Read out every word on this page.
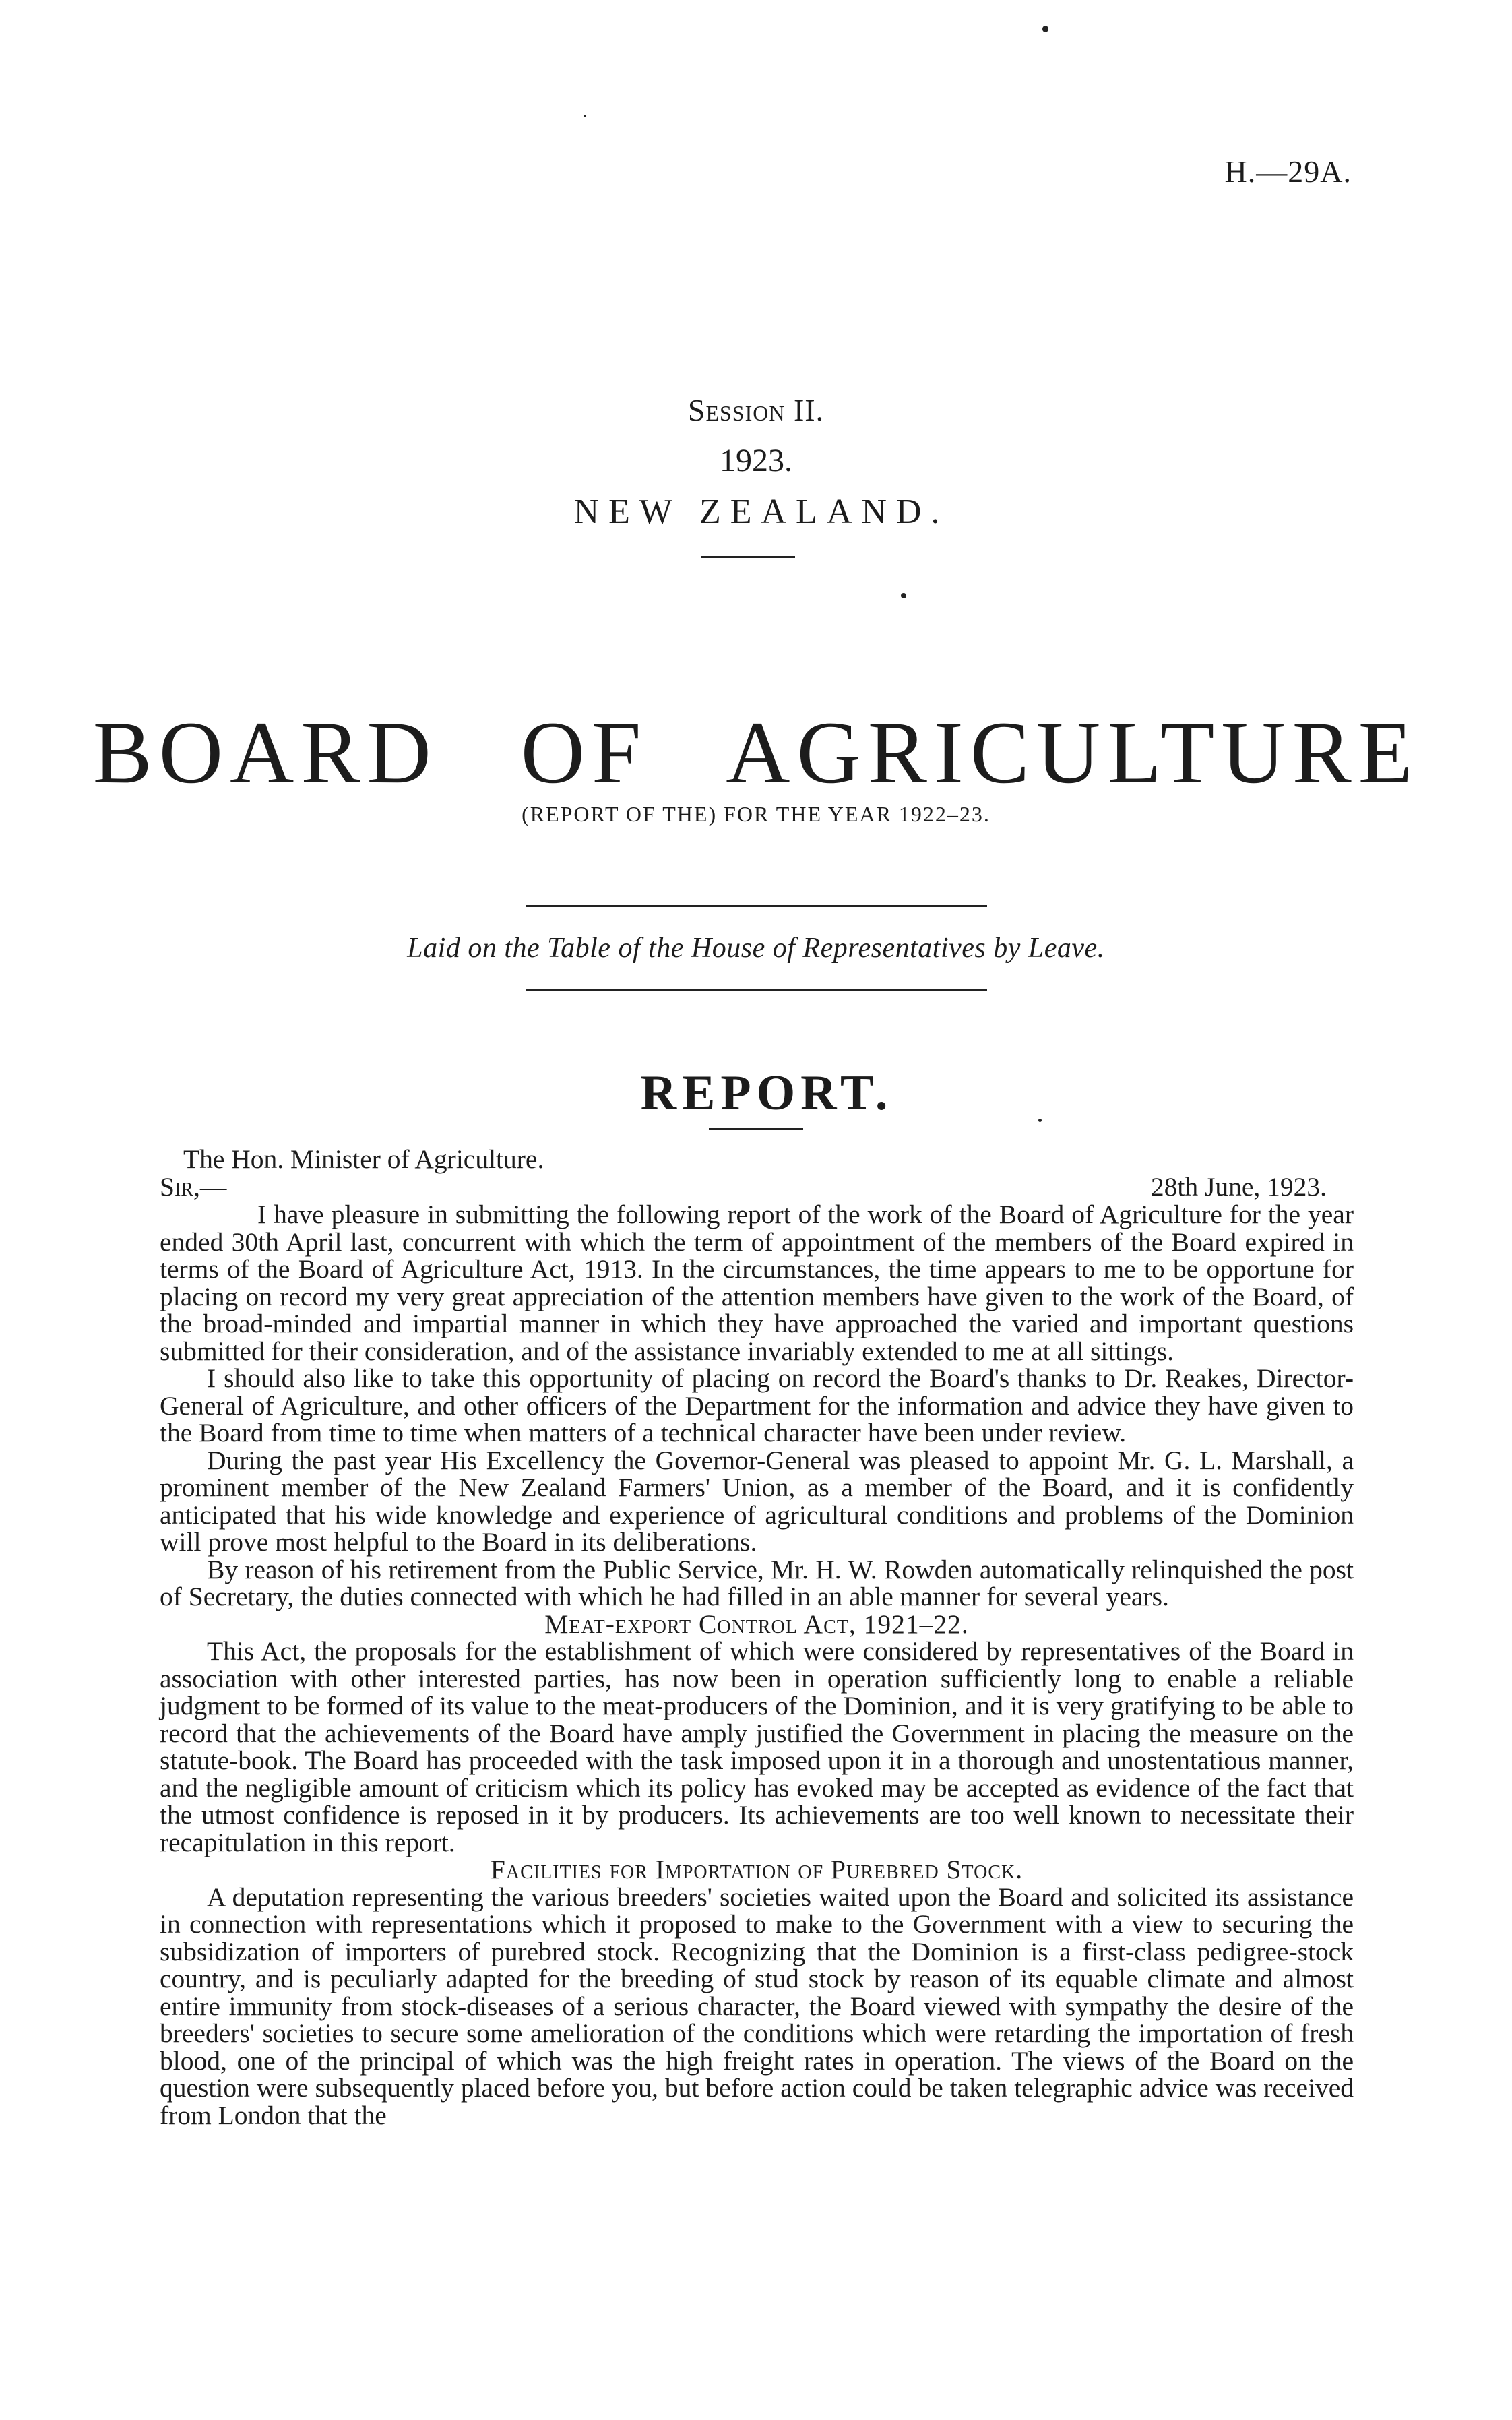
H.—29A.
Session II.
1923.
NEW ZEALAND.
BOARD OF AGRICULTURE
(REPORT OF THE) FOR THE YEAR 1922–23.
Laid on the Table of the House of Representatives by Leave.
REPORT.
The Hon. Minister of Agriculture.
Sir,—	28th June, 1923.

I have pleasure in submitting the following report of the work of the Board of Agriculture for the year ended 30th April last, concurrent with which the term of appointment of the members of the Board expired in terms of the Board of Agriculture Act, 1913. In the circumstances, the time appears to me to be opportune for placing on record my very great appreciation of the attention members have given to the work of the Board, of the broad-minded and impartial manner in which they have approached the varied and important questions submitted for their consideration, and of the assistance invariably extended to me at all sittings.

I should also like to take this opportunity of placing on record the Board's thanks to Dr. Reakes, Director-General of Agriculture, and other officers of the Department for the information and advice they have given to the Board from time to time when matters of a technical character have been under review.

During the past year His Excellency the Governor-General was pleased to appoint Mr. G. L. Marshall, a prominent member of the New Zealand Farmers' Union, as a member of the Board, and it is confidently anticipated that his wide knowledge and experience of agricultural conditions and problems of the Dominion will prove most helpful to the Board in its deliberations.

By reason of his retirement from the Public Service, Mr. H. W. Rowden automatically relinquished the post of Secretary, the duties connected with which he had filled in an able manner for several years.

Meat-export Control Act, 1921–22.

This Act, the proposals for the establishment of which were considered by representatives of the Board in association with other interested parties, has now been in operation sufficiently long to enable a reliable judgment to be formed of its value to the meat-producers of the Dominion, and it is very gratifying to be able to record that the achievements of the Board have amply justified the Government in placing the measure on the statute-book. The Board has proceeded with the task imposed upon it in a thorough and unostentatious manner, and the negligible amount of criticism which its policy has evoked may be accepted as evidence of the fact that the utmost confidence is reposed in it by producers. Its achievements are too well known to necessitate their recapitulation in this report.

Facilities for Importation of Purebred Stock.

A deputation representing the various breeders' societies waited upon the Board and solicited its assistance in connection with representations which it proposed to make to the Government with a view to securing the subsidization of importers of purebred stock. Recognizing that the Dominion is a first-class pedigree-stock country, and is peculiarly adapted for the breeding of stud stock by reason of its equable climate and almost entire immunity from stock-diseases of a serious character, the Board viewed with sympathy the desire of the breeders' societies to secure some amelioration of the conditions which were retarding the importation of fresh blood, one of the principal of which was the high freight rates in operation. The views of the Board on the question were subsequently placed before you, but before action could be taken telegraphic advice was received from London that the
